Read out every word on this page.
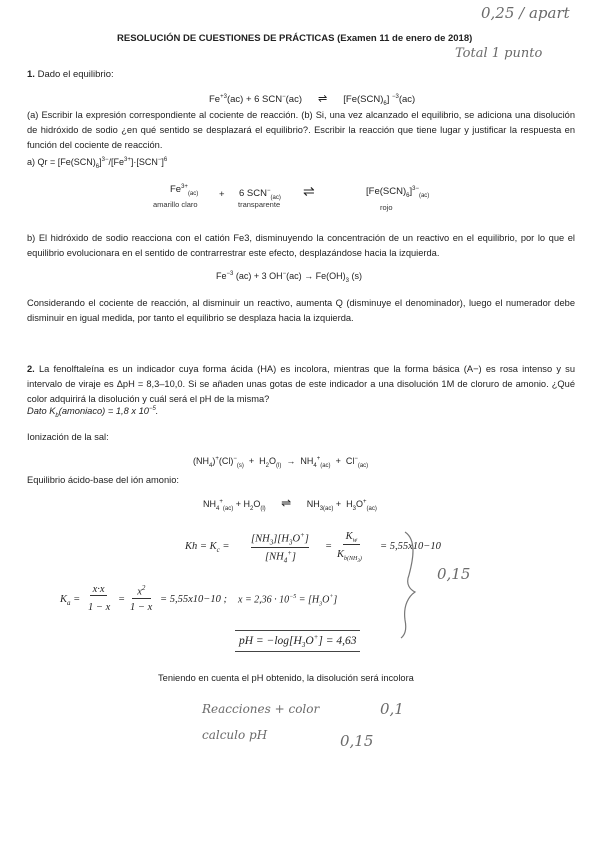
0,25 / apart
Total 1 punto
RESOLUCIÓN DE CUESTIONES DE PRÁCTICAS (Examen 11 de enero de 2018)
1. Dado el equilibrio:
$Fe^{+3}(ac) + 6$ SCN−(ac) ⇌ $[Fe(SCN)_6]$ $^{-3}$(ac)
(a) Escribir la expresión correspondiente al cociente de reacción. (b) Si, una vez alcanzado el equilibrio, se adiciona una disolución de hidróxido de sodio ¿en qué sentido se desplazará el equilibrio?. Escribir la reacción que tiene lugar y justificar la respuesta en función del cociente de reacción.
a) $Qr = [Fe(SCN)_6]^{3-}/[Fe^{3+}]\cdot[SCN^-]^6$
$Fe^{3+}_{(ac)} + 6$ $SCN^-_{(ac)}$ ⇌	$[Fe(SCN)_6]^{3-}_{(ac)}$
amarillo claro	transparente	rojo
b) El hidróxido de sodio reacciona con el catión Fe3, disminuyendo la concentración de un reactivo en el equilibrio, por lo que el equilibrio evolucionara en el sentido de contrarrestrar este efecto, desplazándose hacia la izquierda.
$Fe^{-3}$ (ac) + 3 $OH^-(ac) \to Fe(OH)_3$ (s)
Considerando el cociente de reacción, al disminuir un reactivo, aumenta Q (disminuye el denominador), luego el numerador debe disminuir en igual medida, por tanto el equilibrio se desplaza hacia la izquierda.
2. La fenolftaleína es un indicador cuya forma ácida (HA) es incolora, mientras que la forma básica (A−) es rosa intenso y su intervalo de viraje es ΔpH = 8,3–10,0. Si se añaden unas gotas de este indicador a una disolución 1M de cloruro de amonio. ¿Qué color adquirirá la disolución y cuál será el pH de la misma?
Dato $K_b(amoniaco) = 1,8$ x $10^{-5}$.
Ionización de la sal:
$(NH_4)^+(Cl)^-_{(s)} + H_2O_{(l)} \to NH_4^+_{(ac)} + Cl^-_{(ac)}$
Equilibrio ácido-base del ión amonio:
$NH_4^+_{(ac)} + H_2O_{(l)}$ ⇌ $NH_{3(ac)} + H_3O^+_{(ac)}$
$Kh = K_c$ =
$[NH_3][H_3O^+]$
$[NH_4^+]$
=
$K_w$
$K_{b(NH_3)}$
= 5,55x10−10
0,15
$K_a$ =
x·x
1 − x
=
$x^2$
1 − x
= 5,55x10−10 ; $x = 2,36 \cdot 10^{-5} = [H_3O^+]$
pH = $-\log[H_3O^+] = 4,63$
Teniendo en cuenta el pH obtenido, la disolución será incolora
Reacciones + color	0,1
calculo pH	0,15
